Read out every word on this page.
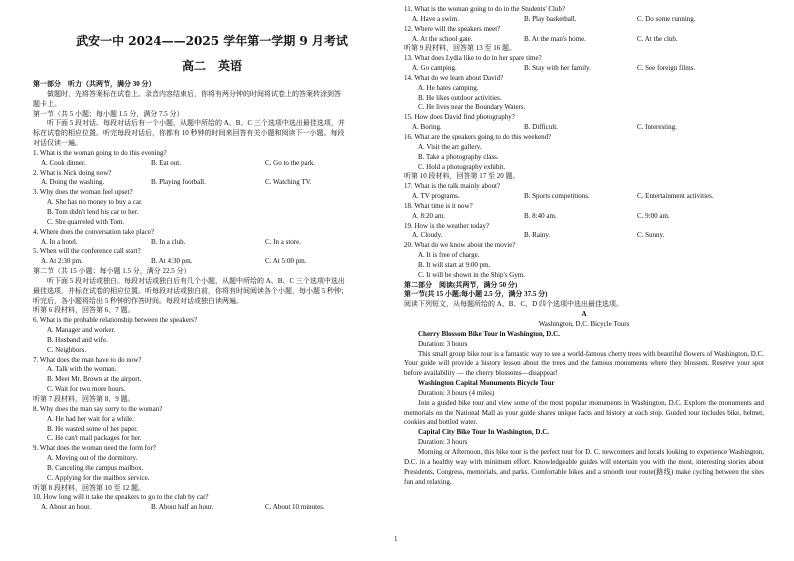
武安一中 2024——2025 学年第一学期 9 月考试
高二　英语
第一部分　听力（共两节，满分 30 分）
做题时，先将答案标在试卷上。录音内容结束后，你将有两分钟的时间将试卷上的答案转涂到答
题卡上。
第一节（共 5 小题；每小题 1.5 分，满分 7.5 分）
听下面 5 段对话。每段对话后有一个小题，从题中所给的 A、B、C 三个选项中选出最佳选项，并
标在试卷的相应位置。听完每段对话后，你都有 10 秒钟的时间来回答有关小题和阅读下一小题。每段
对话仅读一遍。
1. What is the woman going to do this evening?
A. Cook dinner.	B. Eat out.	C. Go to the park.
2. What is Nick doing now?
A. Doing the washing.	B. Playing football.	C. Watching TV.
3. Why does the woman feel upset?
A. She has no money to buy a car.
B. Tom didn't lend his car to her.
C. She quarreled with Tom.
4. Where does the conversation take place?
A. In a hotel.	B. In a club.	C. In a store.
5. When will the conference call start?
A. At 2:30 pm.	B. At 4:30 pm.	C. At 5:00 pm.
第二节（共 15 小题；每小题 1.5 分，满分 22.5 分）
听下面 5 段对话或独白。每段对话或独白后有几个小题，从题中所给的 A、B、C 三个选项中选出
最佳选项，并标在试卷的相应位置。听每段对话或独白前，你将有时间阅读各个小题，每小题 5 秒钟；
听完后，各小题将给出 5 秒钟的作答时间。每段对话或独白读两遍。
听第 6 段材料，回答第 6、7 题。
6. What is the probable relationship between the speakers?
A. Manager and worker.
B. Husband and wife.
C. Neighbors.
7. What does the man have to do now?
A. Talk with the woman.
B. Meet Mr. Brown at the airport.
C. Wait for two more hours.
听第 7 段材料，回答第 8、9 题。
8. Why does the man say sorry to the woman?
A. He had her wait for a while.
B. He wasted some of her paper.
C. He can't mail packages for her.
9. What does the woman need the form for?
A. Moving out of the dormitory.
B. Canceling the campus mailbox.
C. Applying for the mailbox service.
听第 8 段材料，回答第 10 至 12 题。
10. How long will it take the speakers to go to the club by car?
A. About an hour.	B. About half an hour.	C. About 10 minutes.
11. What is the woman going to do in the Students' Club?
A. Have a swim.	B. Play basketball.	C. Do some running.
12. Where will the speakers meet?
A. At the school gate.	B. At the man's home.	C. At the club.
听第 9 段材料，回答第 13 至 16 题。
13. What does Lydia like to do in her spare time?
A. Go camping.	B. Stay with her family.	C. See foreign films.
14. What do we learn about David?
A. He hates camping.
B. He likes outdoor activities.
C. He lives near the Boundary Waters.
15. How does David find photography?
A. Boring.	B. Difficult.	C. Interesting.
16. What are the speakers going to do this weekend?
A. Visit the art gallery.
B. Take a photography class.
C. Hold a photography exhibit.
听第 10 段材料，回答第 17 至 20 题。
17. What is the talk mainly about?
A. TV programs.	B. Sports competitions.	C. Entertainment activities.
18. What time is it now?
A. 8:20 am.	B. 8:40 am.	C. 9:00 am.
19. How is the weather today?
A. Cloudy.	B. Rainy.	C. Sunny.
20. What do we know about the movie?
A. It is free of charge.
B. It will start at 9:00 pm.
C. It will be shown in the Ship's Gym.
第二部分　阅读(共两节，满分 50 分)
第一节(共 15 小题;每小题 2.5 分，满分 37.5 分)
阅读下列短文，从每题所给的 A、B、C、D 四个选项中选出最佳选项。
A
Washington, D.C. Bicycle Tours
Cherry Blossom Bike Tour in Washington, D.C.
Duration: 3 hours
This small group bike tour is a fantastic way to see a world-famous cherry trees with beautiful flowers of Washington, D.C. Your guide will provide a history lesson about the trees and the famous monuments where they blossom. Reserve your spot before availability — the cherry blossoms—disappear!
Washington Capital Monuments Bicycle Tour
Duration: 3 hours (4 miles)
Join a guided bike tour and view some of the most popular monuments in Washington, D.C. Explore the monuments and memorials on the National Mall as your guide shares unique facts and history at each stop. Guided tour includes bike, helmet, cookies and bottled water.
Capital City Bike Tour In Washington, D.C.
Duration: 3 hours
Morning or Afternoon, this bike tour is the perfect tour for D. C. newcomers and locals looking to experience Washington, D.C. in a healthy way with minimum effort. Knowledgeable guides will entertain you with the most, interesting stories about Presidents, Congress, memorials, and parks. Comfortable bikes and a smooth tour route(路线) make cycling between the sites fun and relaxing.
1
